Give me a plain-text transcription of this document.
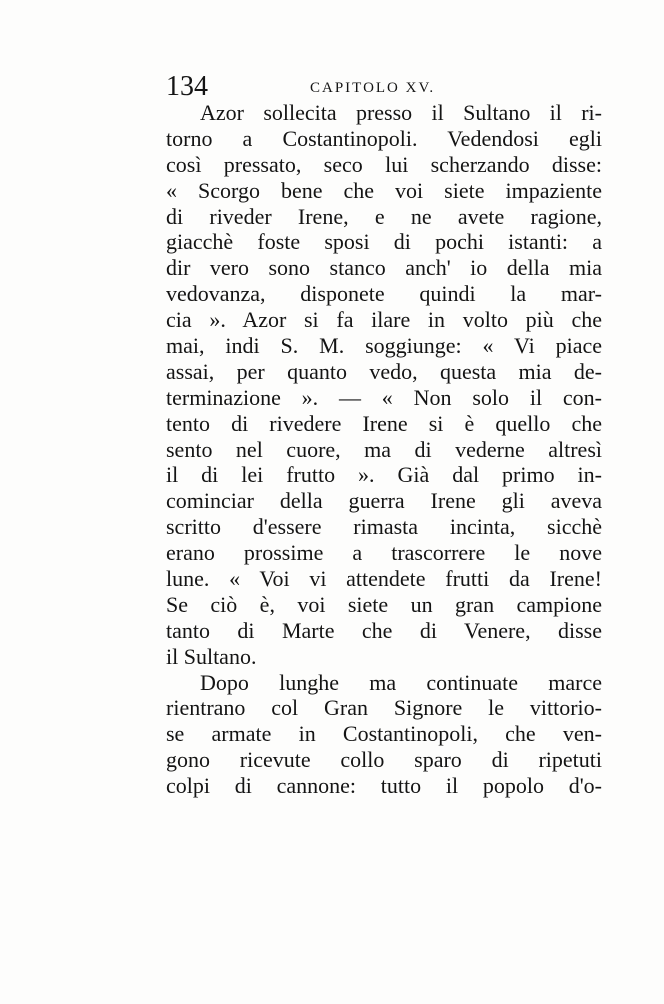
134	CAPITOLO XV.
Azor sollecita presso il Sultano il ri-
torno a Costantinopoli. Vedendosi egli
così pressato, seco lui scherzando disse:
« Scorgo bene che voi siete impaziente
di riveder Irene, e ne avete ragione,
giacchè foste sposi di pochi istanti: a
dir vero sono stanco anch' io della mia
vedovanza, disponete quindi la mar-
cia ». Azor si fa ilare in volto più che
mai, indi S. M. soggiunge: « Vi piace
assai, per quanto vedo, questa mia de-
terminazione ». — « Non solo il con-
tento di rivedere Irene si è quello che
sento nel cuore, ma di vederne altresì
il di lei frutto ». Già dal primo in-
cominciar della guerra Irene gli aveva
scritto d'essere rimasta incinta, sicchè
erano prossime a trascorrere le nove
lune. « Voi vi attendete frutti da Irene!
Se ciò è, voi siete un gran campione
tanto di Marte che di Venere, disse
il Sultano.
Dopo lunghe ma continuate marce
rientrano col Gran Signore le vittorio-
se armate in Costantinopoli, che ven-
gono ricevute collo sparo di ripetuti
colpi di cannone: tutto il popolo d'o-
